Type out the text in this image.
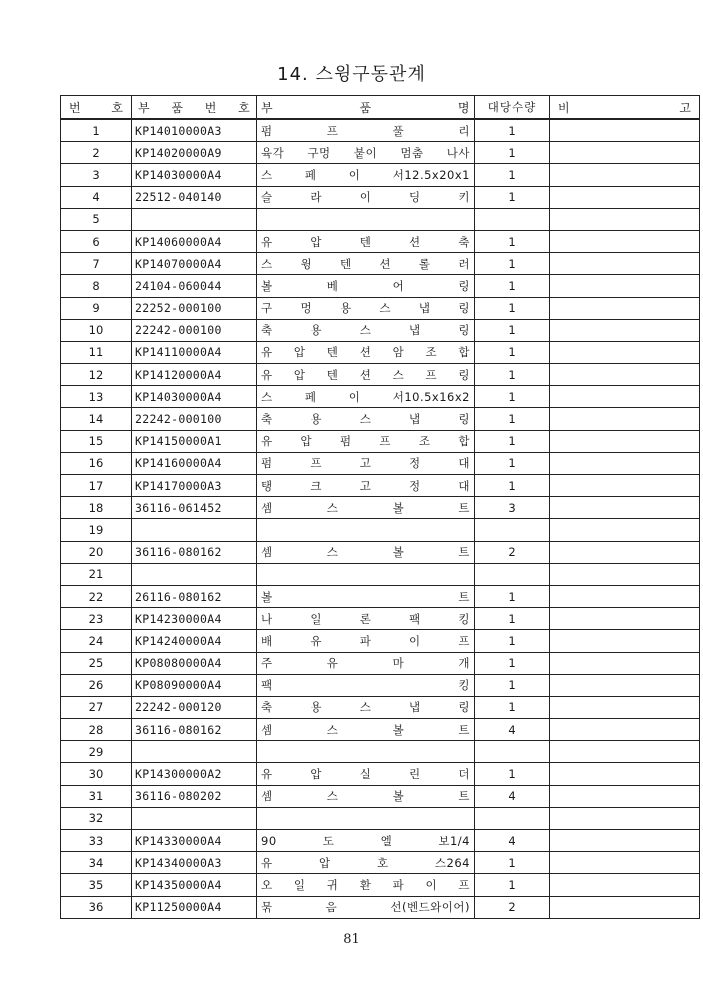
14. 스윙구동관계
번 호	부 품 번 호	부 품 명	대당수량	비 고
1	KP14010000A3	펌 프 풀 리	1	
2	KP14020000A9	육각 구멍 붙이 멈춤 나사	1	
3	KP14030000A4	스 페 이 서12.5x20x1	1	
4	22512-040140	슬 라 이 딩 키	1	
5				
6	KP14060000A4	유 압 텐 션 축	1	
7	KP14070000A4	스 윙 텐 션 롤 러	1	
8	24104-060044	볼 베 어 링	1	
9	22252-000100	구 멍 용 스 냅 링	1	
10	22242-000100	축 용 스 냅 링	1	
11	KP14110000A4	유 압 텐 션 암 조 합	1	
12	KP14120000A4	유 압 텐 션 스 프 링	1	
13	KP14030000A4	스 페 이 서10.5x16x2	1	
14	22242-000100	축 용 스 냅 링	1	
15	KP14150000A1	유 압 펌 프 조 합	1	
16	KP14160000A4	펌 프 고 정 대	1	
17	KP14170000A3	탱 크 고 정 대	1	
18	36116-061452	셈 스 볼 트	3	
19				
20	36116-080162	셈 스 볼 트	2	
21				
22	26116-080162	볼 트	1	
23	KP14230000A4	나 일 론 팩 킹	1	
24	KP14240000A4	배 유 파 이 프	1	
25	KP08080000A4	주 유 마 개	1	
26	KP08090000A4	팩 킹	1	
27	22242-000120	축 용 스 냅 링	1	
28	36116-080162	셈 스 볼 트	4	
29				
30	KP14300000A2	유 압 실 린 더	1	
31	36116-080202	셈 스 볼 트	4	
32				
33	KP14330000A4	90 도 엘 보1/4	4	
34	KP14340000A3	유 압 호 스264	1	
35	KP14350000A4	오 일 귀 환 파 이 프	1	
36	KP11250000A4	묶 음 선(벤드와이어)	2	
81
